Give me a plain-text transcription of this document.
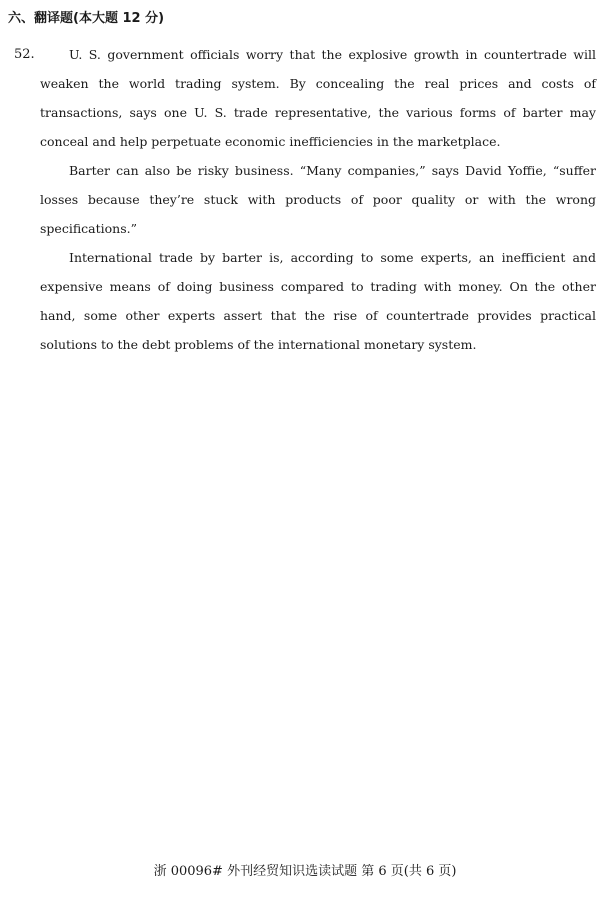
六、翻译题(本大题 12 分)
52.	U. S. government officials worry that the explosive growth in countertrade will weaken the world trading system. By concealing the real prices and costs of transactions, says one U. S. trade representative, the various forms of barter may conceal and help perpetuate economic inefficiencies in the marketplace.

Barter can also be risky business. “Many companies,” says David Yoffie, “suffer losses because they’re stuck with products of poor quality or with the wrong specifications.”

International trade by barter is, according to some experts, an inefficient and expensive means of doing business compared to trading with money. On the other hand, some other experts assert that the rise of countertrade provides practical solutions to the debt problems of the international monetary system.

浙 00096# 外刊经贸知识选读试题 第 6 页(共 6 页)
